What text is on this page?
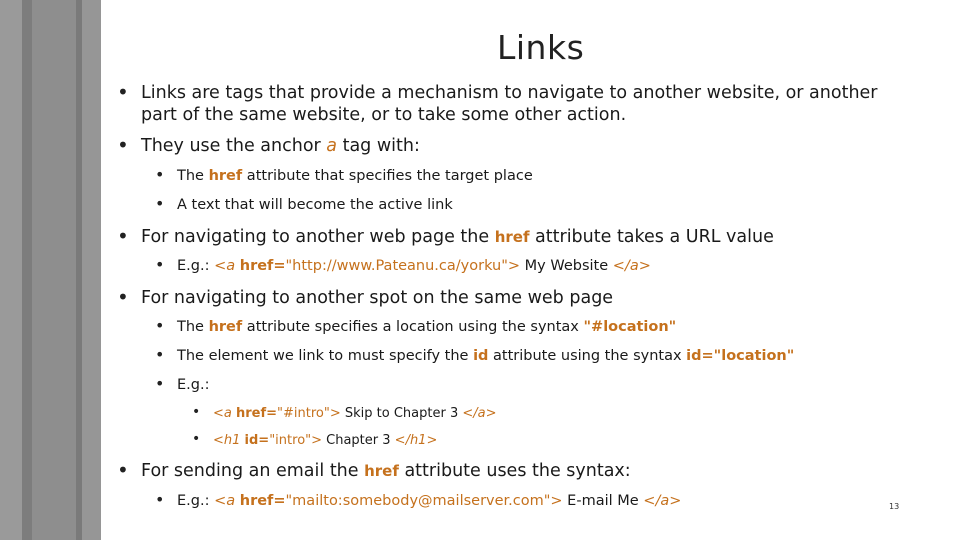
Links
• Links are tags that provide a mechanism to navigate to another website, or another
part of the same website, or to take some other action.
• They use the anchor a tag with:
• The href attribute that specifies the target place
• A text that will become the active link
• For navigating to another web page the href attribute takes a URL value
• E.g.: <a href="http://www.Pateanu.ca/yorku"> My Website </a>
• For navigating to another spot on the same web page
• The href attribute specifies a location using the syntax "#location"
• The element we link to must specify the id attribute using the syntax id="location"
• E.g.:
• <a href="#intro"> Skip to Chapter 3 </a>
• <h1 id="intro"> Chapter 3 </h1>
• For sending an email the href attribute uses the syntax:
• E.g.: <a href="mailto:somebody@mailserver.com"> E-mail Me </a>	13
